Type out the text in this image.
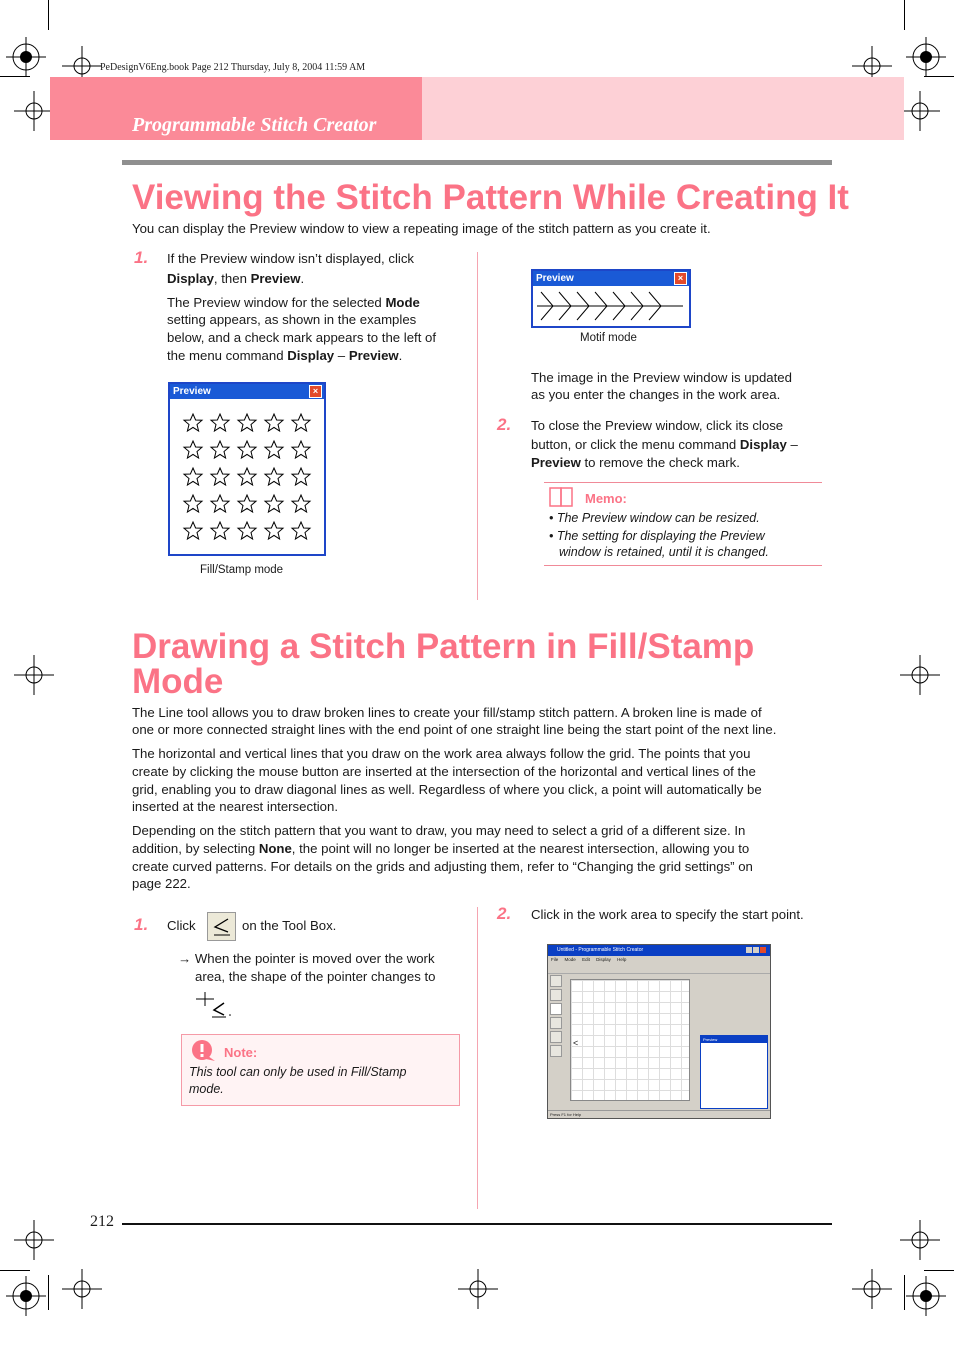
PeDesignV6Eng.book Page 212 Thursday, July 8, 2004 11:59 AM
Programmable Stitch Creator
Viewing the Stitch Pattern While Creating It
You can display the Preview window to view a repeating image of the stitch pattern as you create it.
1. If the Preview window isn’t displayed, click
Display, then Preview.
The Preview window for the selected Mode
setting appears, as shown in the examples
below, and a check mark appears to the left of
the menu command Display – Preview.
Preview	×
Fill/Stamp mode
Preview	×
Motif mode
The image in the Preview window is updated
as you enter the changes in the work area.
2. To close the Preview window, click its close
button, or click the menu command Display –
Preview to remove the check mark.
Memo:
• The Preview window can be resized.
• The setting for displaying the Preview
window is retained, until it is changed.
Drawing a Stitch Pattern in Fill/Stamp
Mode
The Line tool allows you to draw broken lines to create your fill/stamp stitch pattern. A broken line is made of
one or more connected straight lines with the end point of one straight line being the start point of the next line.
The horizontal and vertical lines that you draw on the work area always follow the grid. The points that you
create by clicking the mouse button are inserted at the intersection of the horizontal and vertical lines of the
grid, enabling you to draw diagonal lines as well. Regardless of where you click, a point will automatically be
inserted at the nearest intersection.
Depending on the stitch pattern that you want to draw, you may need to select a grid of a different size. In
addition, by selecting None, the point will no longer be inserted at the nearest intersection, allowing you to
create curved patterns. For details on the grids and adjusting them, refer to “Changing the grid settings” on
page 222.
1. Click	on the Tool Box.
→ When the pointer is moved over the work
area, the shape of the pointer changes to
Note:
This tool can only be used in Fill/Stamp
mode.
2. Click in the work area to specify the start point.
Untitled - Programmable Stitch Creator
File Mode Edit Display Help
<	Preview
Press F1 for Help
212
